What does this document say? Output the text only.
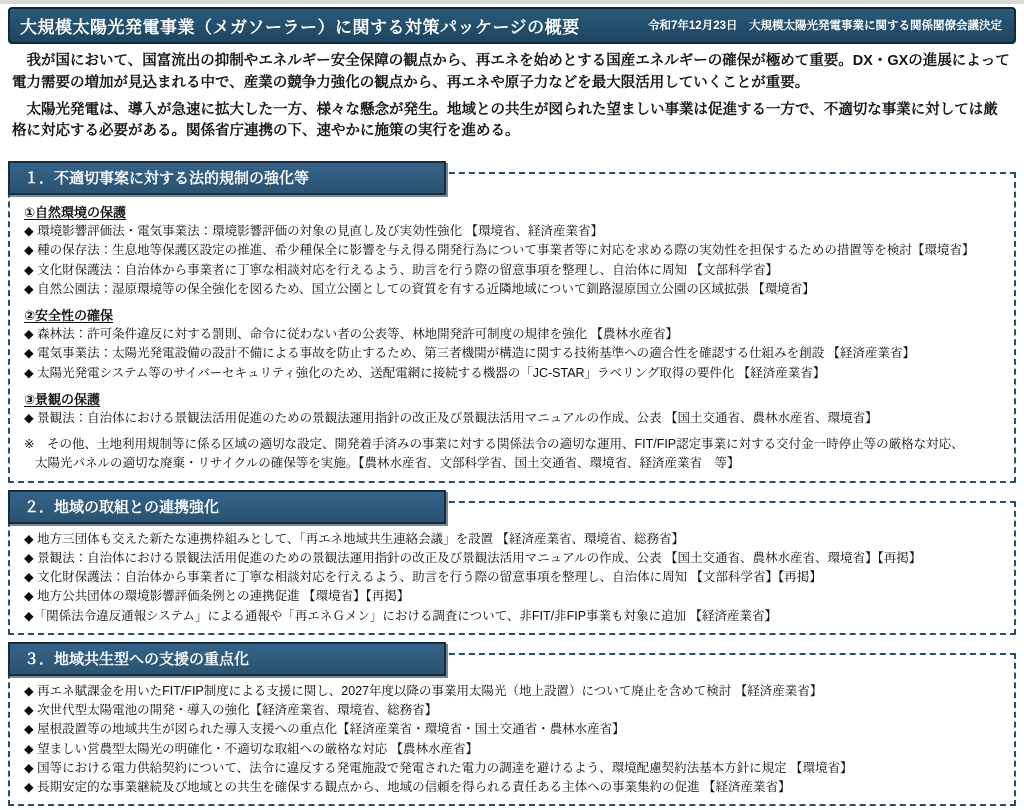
大規模太陽光発電事業（メガソーラー）に関する対策パッケージの概要	令和7年12月23日　大規模太陽光発電事業に関する関係閣僚会議決定

　我が国において、国富流出の抑制やエネルギー安全保障の観点から、再エネを始めとする国産エネルギーの確保が極めて重要。DX・GXの進展によって電力需要の増加が見込まれる中で、産業の競争力強化の観点から、再エネや原子力などを最大限活用していくことが重要。

　太陽光発電は、導入が急速に拡大した一方、様々な懸念が発生。地域との共生が図られた望ましい事業は促進する一方で、不適切な事業に対しては厳格に対応する必要がある。関係省庁連携の下、速やかに施策の実行を進める。

１．不適切事案に対する法的規制の強化等
①自然環境の保護
◆ 環境影響評価法・電気事業法：環境影響評価の対象の見直し及び実効性強化 【環境省、経済産業省】
◆ 種の保存法：生息地等保護区設定の推進、希少種保全に影響を与え得る開発行為について事業者等に対応を求める際の実効性を担保するための措置等を検討【環境省】
◆ 文化財保護法：自治体から事業者に丁寧な相談対応を行えるよう、助言を行う際の留意事項を整理し、自治体に周知 【文部科学省】
◆ 自然公園法：湿原環境等の保全強化を図るため、国立公園としての資質を有する近隣地域について釧路湿原国立公園の区域拡張 【環境省】
②安全性の確保
◆ 森林法：許可条件違反に対する罰則、命令に従わない者の公表等、林地開発許可制度の規律を強化 【農林水産省】
◆ 電気事業法：太陽光発電設備の設計不備による事故を防止するため、第三者機関が構造に関する技術基準への適合性を確認する仕組みを創設 【経済産業省】
◆ 太陽光発電システム等のサイバーセキュリティ強化のため、送配電網に接続する機器の「JC-STAR」ラベリング取得の要件化 【経済産業省】
③景観の保護
◆ 景観法：自治体における景観法活用促進のための景観法運用指針の改正及び景観法活用マニュアルの作成、公表 【国土交通省、農林水産省、環境省】
※　その他、土地利用規制等に係る区域の適切な設定、開発着手済みの事業に対する関係法令の適切な運用、FIT/FIP認定事業に対する交付金一時停止等の厳格な対応、
太陽光パネルの適切な廃棄・リサイクルの確保等を実施。【農林水産省、文部科学省、国土交通省、環境省、経済産業省　等】
２．地域の取組との連携強化
◆ 地方三団体も交えた新たな連携枠組みとして、「再エネ地域共生連絡会議」を設置 【経済産業省、環境省、総務省】
◆ 景観法：自治体における景観法活用促進のための景観法運用指針の改正及び景観法活用マニュアルの作成、公表 【国土交通省、農林水産省、環境省】【再掲】
◆ 文化財保護法：自治体から事業者に丁寧な相談対応を行えるよう、助言を行う際の留意事項を整理し、自治体に周知 【文部科学省】【再掲】
◆ 地方公共団体の環境影響評価条例との連携促進 【環境省】【再掲】
◆「関係法令違反通報システム」による通報や「再エネＧメン」における調査について、非FIT/非FIP事業も対象に追加 【経済産業省】
３．地域共生型への支援の重点化
◆ 再エネ賦課金を用いたFIT/FIP制度による支援に関し、2027年度以降の事業用太陽光（地上設置）について廃止を含めて検討 【経済産業省】
◆ 次世代型太陽電池の開発・導入の強化【経済産業省、環境省、総務省】
◆ 屋根設置等の地域共生が図られた導入支援への重点化【経済産業省・環境省・国土交通省・農林水産省】
◆ 望ましい営農型太陽光の明確化・不適切な取組への厳格な対応 【農林水産省】
◆ 国等における電力供給契約について、法令に違反する発電施設で発電された電力の調達を避けるよう、環境配慮契約法基本方針に規定 【環境省】
◆ 長期安定的な事業継続及び地域との共生を確保する観点から、地域の信頼を得られる責任ある主体への事業集約の促進 【経済産業省】
